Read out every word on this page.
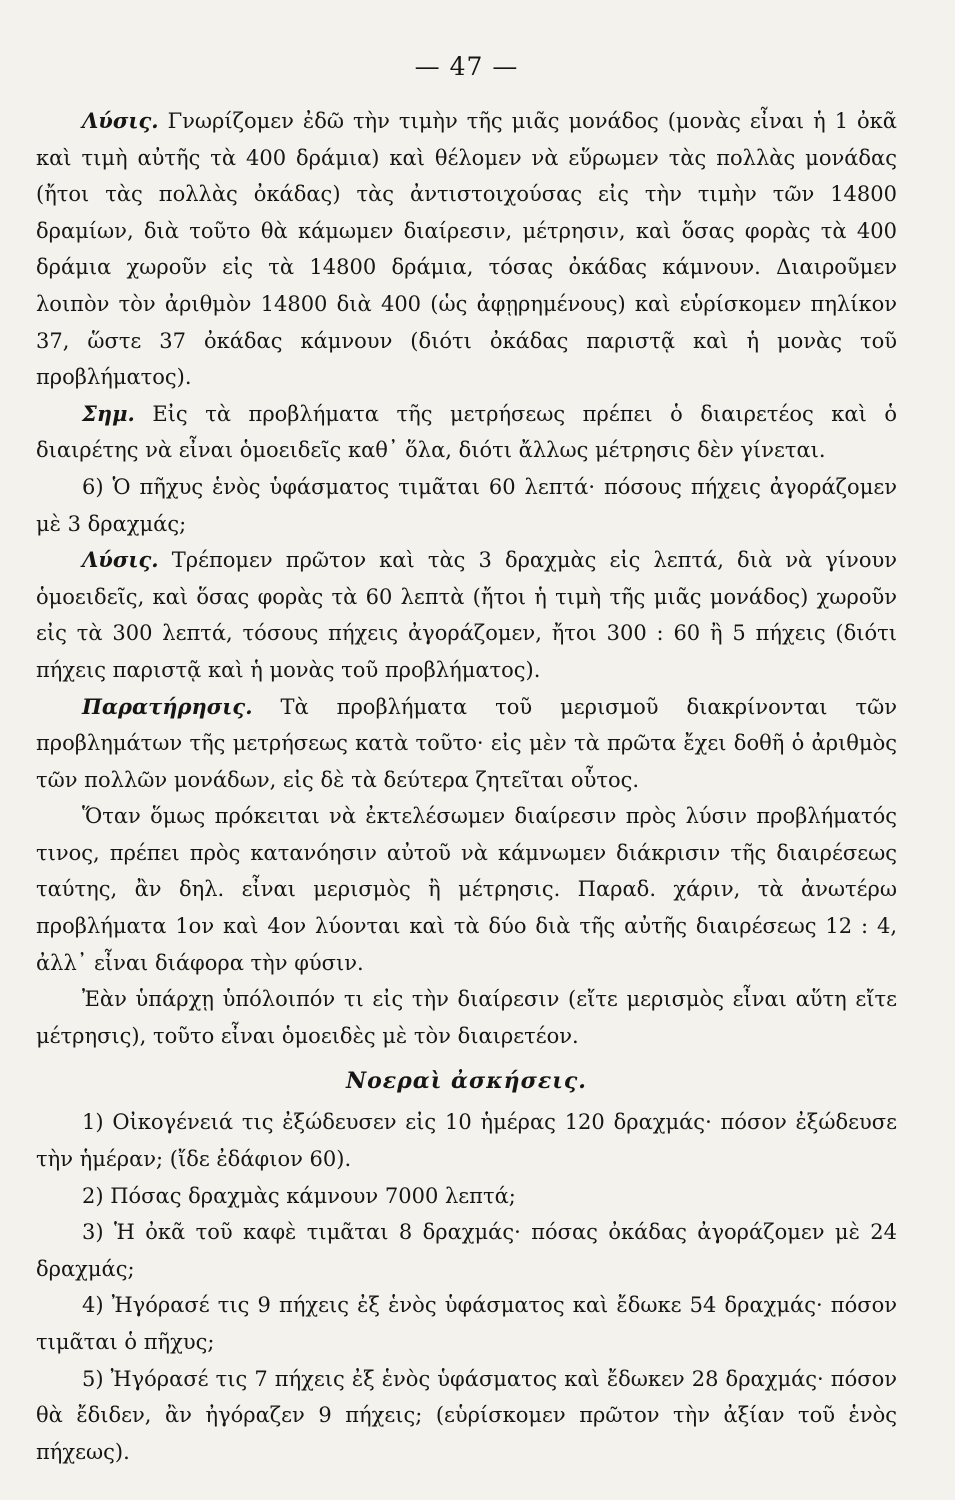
— 47 —

Λύσις. Γνωρίζομεν ἐδῶ τὴν τιμὴν τῆς μιᾶς μονάδος (μονὰς εἶναι ἡ 1 ὀκᾶ καὶ τιμὴ αὐτῆς τὰ 400 δράμια) καὶ θέλομεν νὰ εὕρωμεν τὰς πολλὰς μονάδας (ἤτοι τὰς πολλὰς ὀκάδας) τὰς ἀντιστοιχούσας εἰς τὴν τιμὴν τῶν 14800 δραμίων, διὰ τοῦτο θὰ κάμωμεν διαίρεσιν, μέτρησιν, καὶ ὅσας φορὰς τὰ 400 δράμια χωροῦν εἰς τὰ 14800 δράμια, τόσας ὀκάδας κάμνουν. Διαιροῦμεν λοιπὸν τὸν ἀριθμὸν 14800 διὰ 400 (ὡς ἀφῃρημένους) καὶ εὑρίσκομεν πηλίκον 37, ὥστε 37 ὀκάδας κάμνουν (διότι ὀκάδας παριστᾷ καὶ ἡ μονὰς τοῦ προβλήματος).

Σημ. Εἰς τὰ προβλήματα τῆς μετρήσεως πρέπει ὁ διαιρετέος καὶ ὁ διαιρέτης νὰ εἶναι ὁμοειδεῖς καθ᾽ ὅλα, διότι ἄλλως μέτρησις δὲν γίνεται.

6) Ὁ πῆχυς ἑνὸς ὑφάσματος τιμᾶται 60 λεπτά· πόσους πήχεις ἀγοράζομεν μὲ 3 δραχμάς;

Λύσις. Τρέπομεν πρῶτον καὶ τὰς 3 δραχμὰς εἰς λεπτά, διὰ νὰ γίνουν ὁμοειδεῖς, καὶ ὅσας φορὰς τὰ 60 λεπτὰ (ἤτοι ἡ τιμὴ τῆς μιᾶς μονάδος) χωροῦν εἰς τὰ 300 λεπτά, τόσους πήχεις ἀγοράζομεν, ἤτοι 300 : 60 ἢ 5 πήχεις (διότι πήχεις παριστᾷ καὶ ἡ μονὰς τοῦ προβλήματος).

Παρατήρησις. Τὰ προβλήματα τοῦ μερισμοῦ διακρίνονται τῶν προβλημάτων τῆς μετρήσεως κατὰ τοῦτο· εἰς μὲν τὰ πρῶτα ἔχει δοθῆ ὁ ἀριθμὸς τῶν πολλῶν μονάδων, εἰς δὲ τὰ δεύτερα ζητεῖται οὗτος.

Ὅταν ὅμως πρόκειται νὰ ἐκτελέσωμεν διαίρεσιν πρὸς λύσιν προβλήματός τινος, πρέπει πρὸς κατανόησιν αὐτοῦ νὰ κάμνωμεν διάκρισιν τῆς διαιρέσεως ταύτης, ἂν δηλ. εἶναι μερισμὸς ἢ μέτρησις. Παραδ. χάριν, τὰ ἀνωτέρω προβλήματα 1ον καὶ 4ον λύονται καὶ τὰ δύο διὰ τῆς αὐτῆς διαιρέσεως 12 : 4, ἀλλ᾽ εἶναι διάφορα τὴν φύσιν.

Ἐὰν ὑπάρχῃ ὑπόλοιπόν τι εἰς τὴν διαίρεσιν (εἴτε μερισμὸς εἶναι αὕτη εἴτε μέτρησις), τοῦτο εἶναι ὁμοειδὲς μὲ τὸν διαιρετέον.

Νοεραὶ ἀσκήσεις.

1) Οἰκογένειά τις ἐξώδευσεν εἰς 10 ἡμέρας 120 δραχμάς· πόσον ἐξώδευσε τὴν ἡμέραν; (ἴδε ἐδάφιον 60).

2) Πόσας δραχμὰς κάμνουν 7000 λεπτά;

3) Ἡ ὀκᾶ τοῦ καφὲ τιμᾶται 8 δραχμάς· πόσας ὀκάδας ἀγοράζομεν μὲ 24 δραχμάς;

4) Ἠγόρασέ τις 9 πήχεις ἐξ ἑνὸς ὑφάσματος καὶ ἔδωκε 54 δραχμάς· πόσον τιμᾶται ὁ πῆχυς;

5) Ἠγόρασέ τις 7 πήχεις ἐξ ἑνὸς ὑφάσματος καὶ ἔδωκεν 28 δραχμάς· πόσον θὰ ἔδιδεν, ἂν ἠγόραζεν 9 πήχεις; (εὑρίσκομεν πρῶτον τὴν ἀξίαν τοῦ ἑνὸς πήχεως).
